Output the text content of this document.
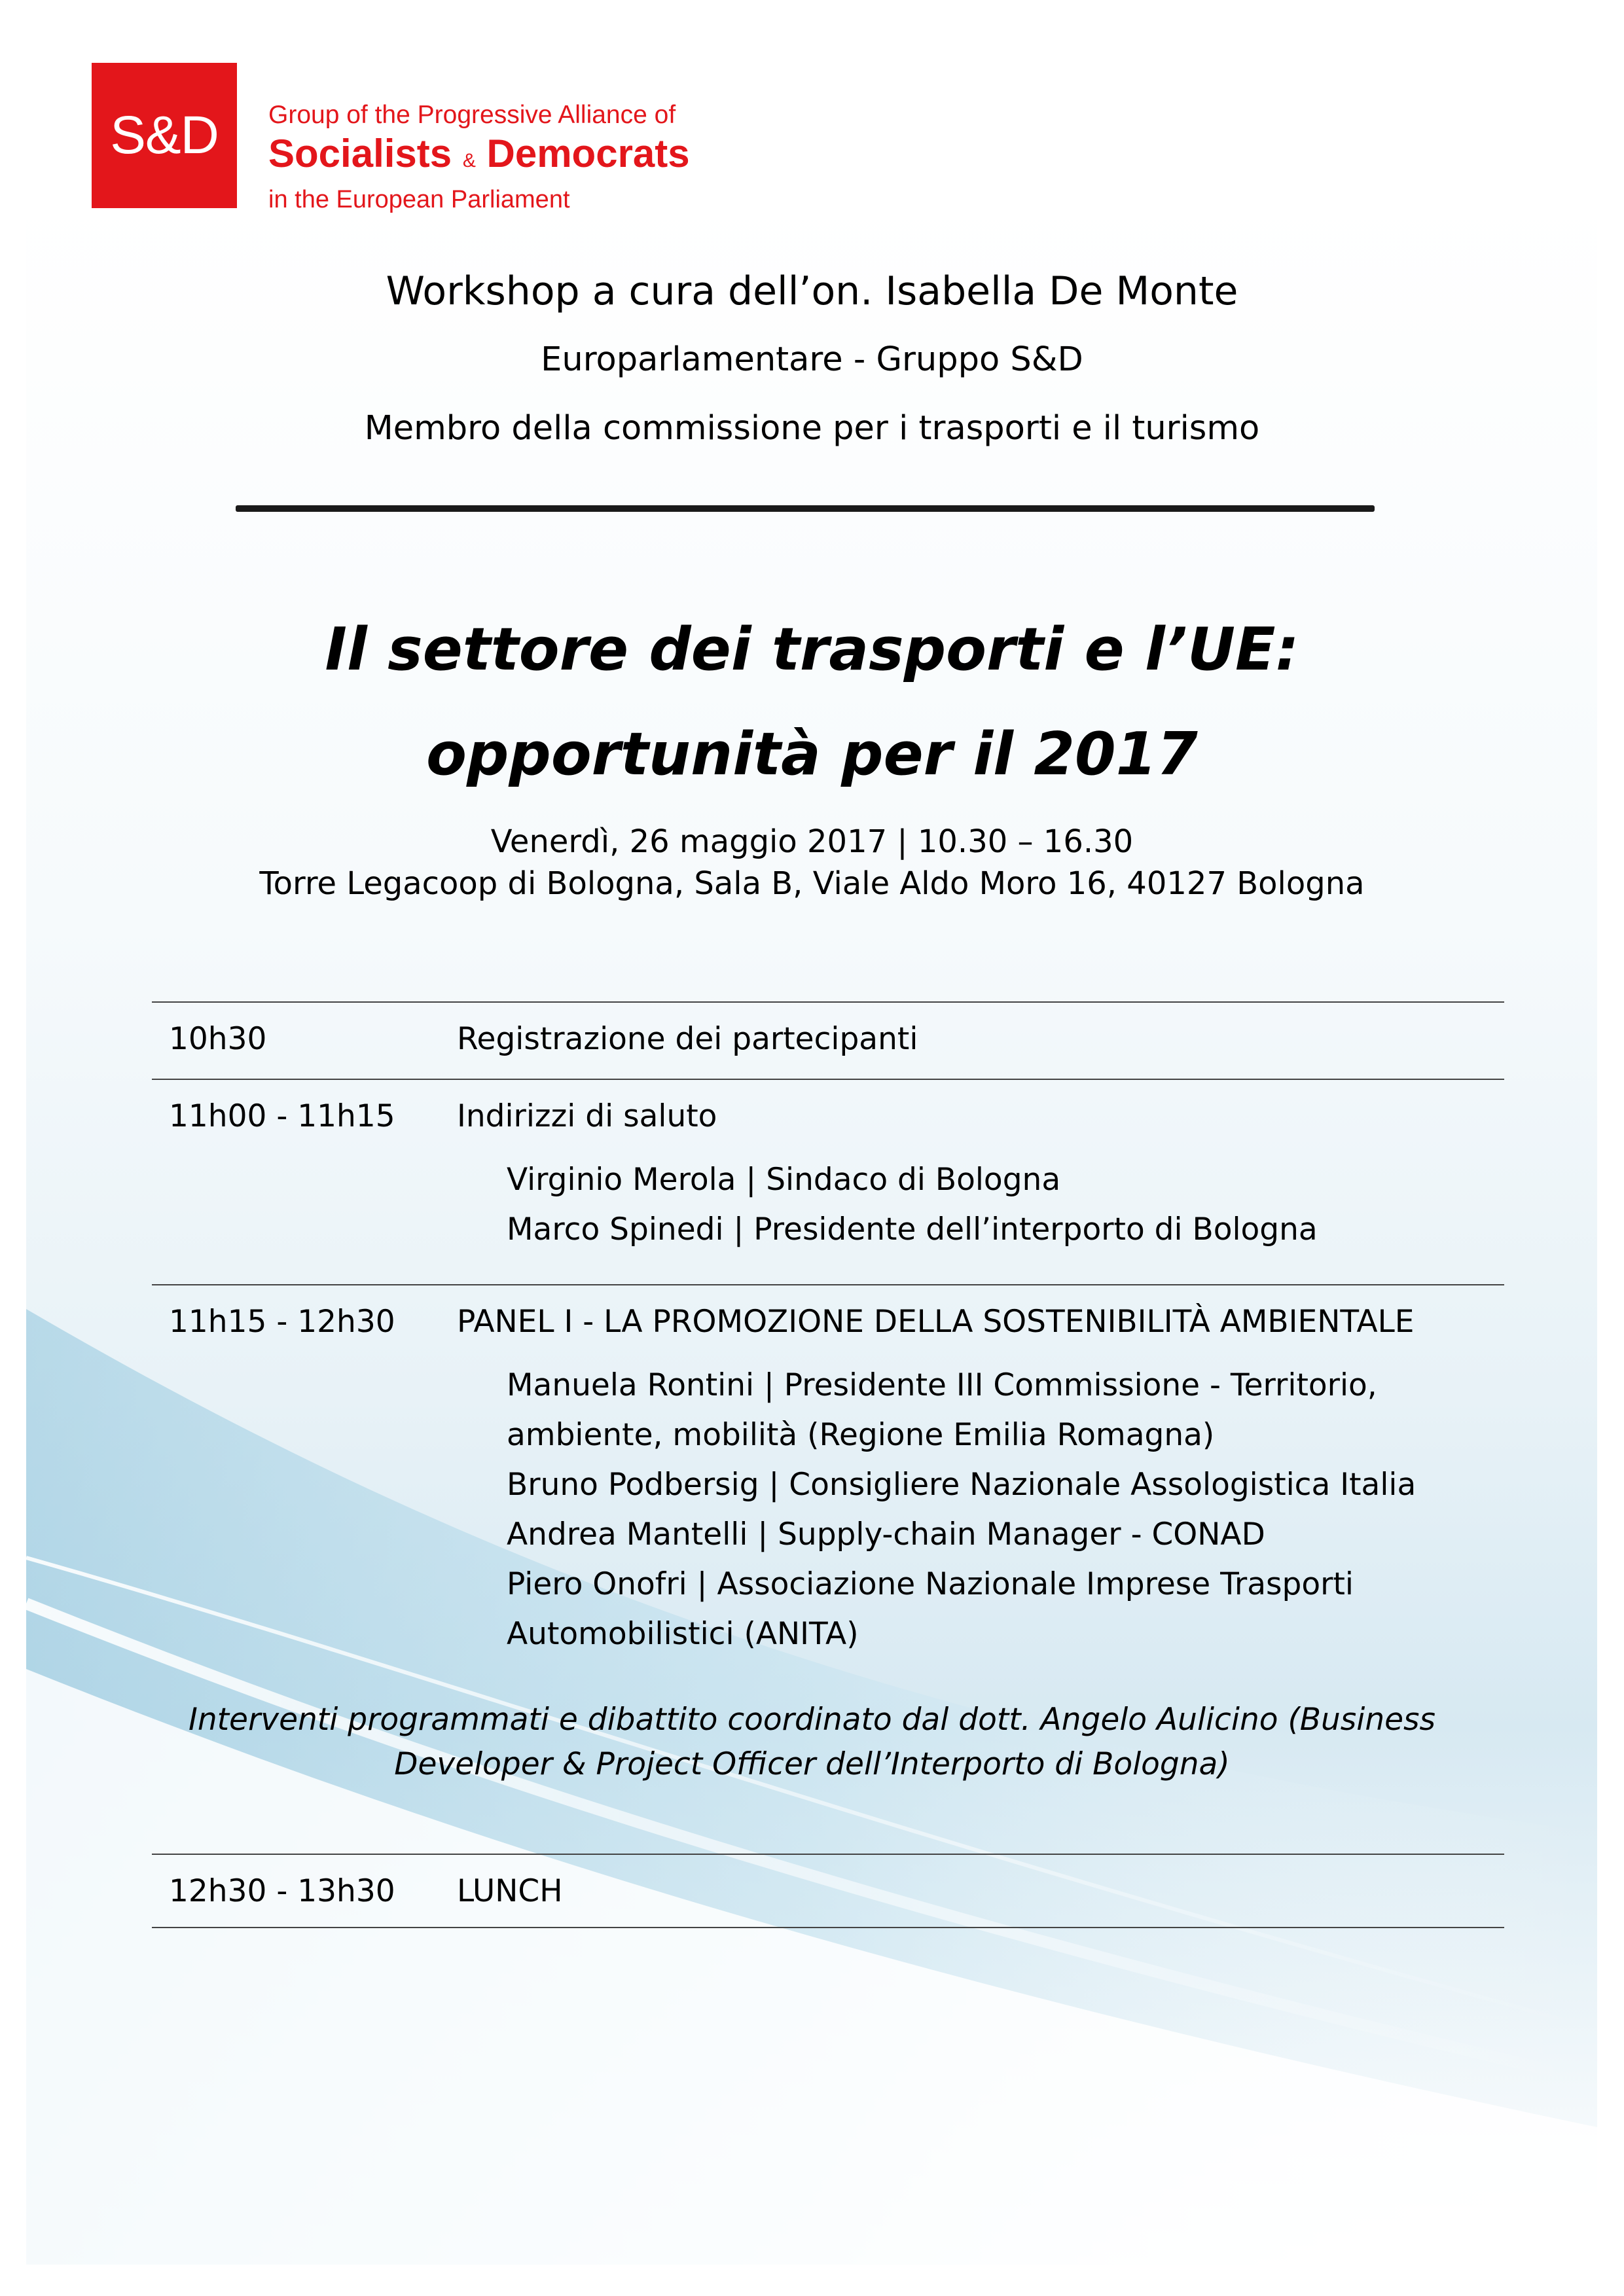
S&D Group of the Progressive Alliance of
Socialists & Democrats
in the European Parliament
Workshop a cura dell’on. Isabella De Monte
Europarlamentare - Gruppo S&D
Membro della commissione per i trasporti e il turismo
Il settore dei trasporti e l’UE:
opportunità per il 2017
Venerdì, 26 maggio 2017 | 10.30 – 16.30
Torre Legacoop di Bologna, Sala B, Viale Aldo Moro 16, 40127 Bologna
10h30	Registrazione dei partecipanti
11h00 - 11h15 Indirizzi di saluto
Virginio Merola | Sindaco di Bologna
Marco Spinedi | Presidente dell’interporto di Bologna
11h15 - 12h30 PANEL I - LA PROMOZIONE DELLA SOSTENIBILITÀ AMBIENTALE
Manuela Rontini | Presidente III Commissione - Territorio,
ambiente, mobilità (Regione Emilia Romagna)
Bruno Podbersig | Consigliere Nazionale Assologistica Italia
Andrea Mantelli | Supply-chain Manager - CONAD
Piero Onofri | Associazione Nazionale Imprese Trasporti
Automobilistici (ANITA)
Interventi programmati e dibattito coordinato dal dott. Angelo Aulicino (Business
Developer & Project Officer dell’Interporto di Bologna)
12h30 - 13h30 LUNCH
